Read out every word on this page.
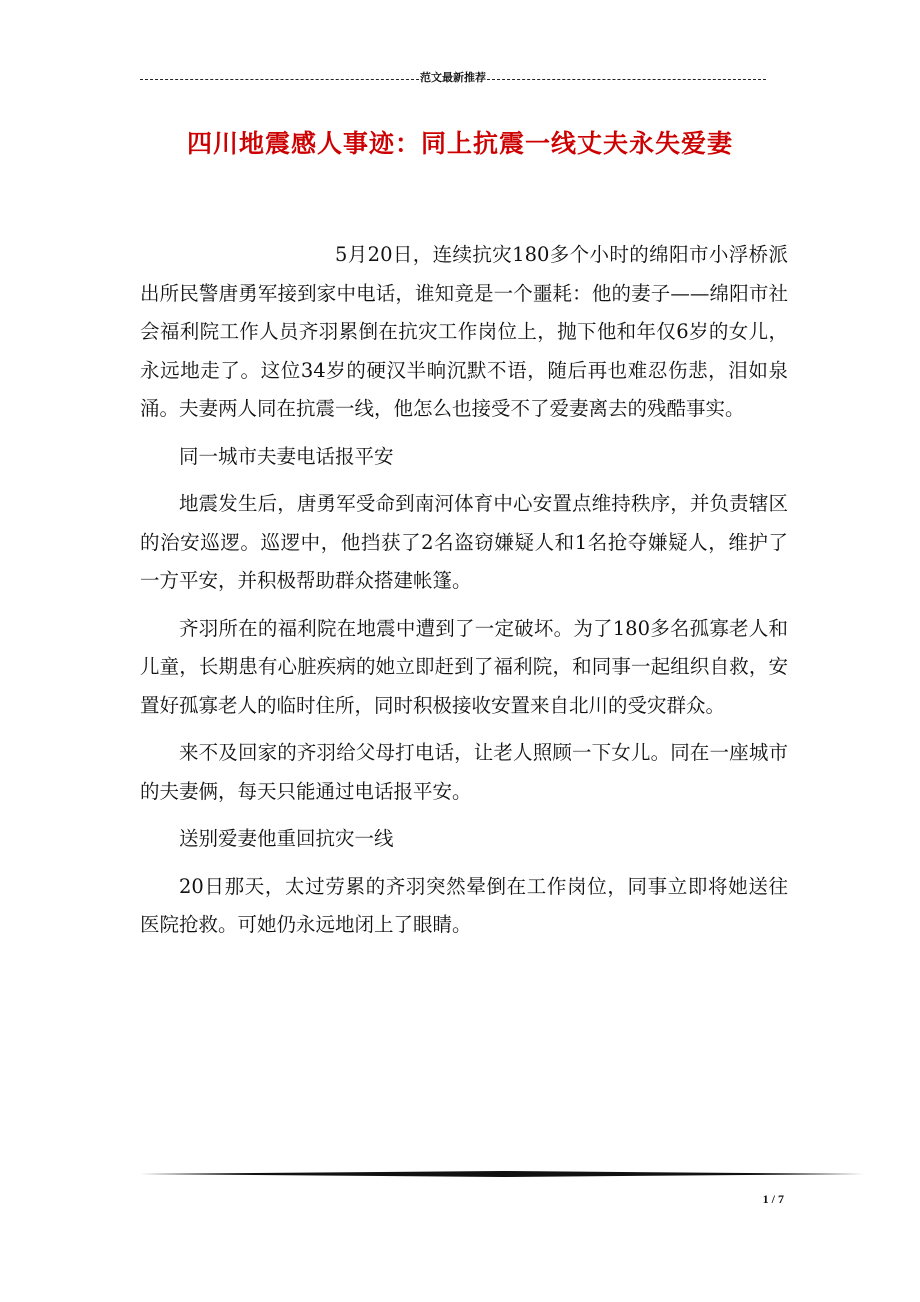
范文最新推荐
四川地震感人事迹：同上抗震一线丈夫永失爱妻

5月20日，连续抗灾180多个小时的绵阳市小浮桥派出所民警唐勇军接到家中电话，谁知竟是一个噩耗：他的妻子——绵阳市社会福利院工作人员齐羽累倒在抗灾工作岗位上，抛下他和年仅6岁的女儿，永远地走了。这位34岁的硬汉半晌沉默不语，随后再也难忍伤悲，泪如泉涌。夫妻两人同在抗震一线，他怎么也接受不了爱妻离去的残酷事实。

同一城市夫妻电话报平安

地震发生后，唐勇军受命到南河体育中心安置点维持秩序，并负责辖区的治安巡逻。巡逻中，他挡获了2名盗窃嫌疑人和1名抢夺嫌疑人，维护了一方平安，并积极帮助群众搭建帐篷。

齐羽所在的福利院在地震中遭到了一定破坏。为了180多名孤寡老人和儿童，长期患有心脏疾病的她立即赶到了福利院，和同事一起组织自救，安置好孤寡老人的临时住所，同时积极接收安置来自北川的受灾群众。

来不及回家的齐羽给父母打电话，让老人照顾一下女儿。同在一座城市的夫妻俩，每天只能通过电话报平安。

送别爱妻他重回抗灾一线

20日那天，太过劳累的齐羽突然晕倒在工作岗位，同事立即将她送往医院抢救。可她仍永远地闭上了眼睛。

1 / 7
